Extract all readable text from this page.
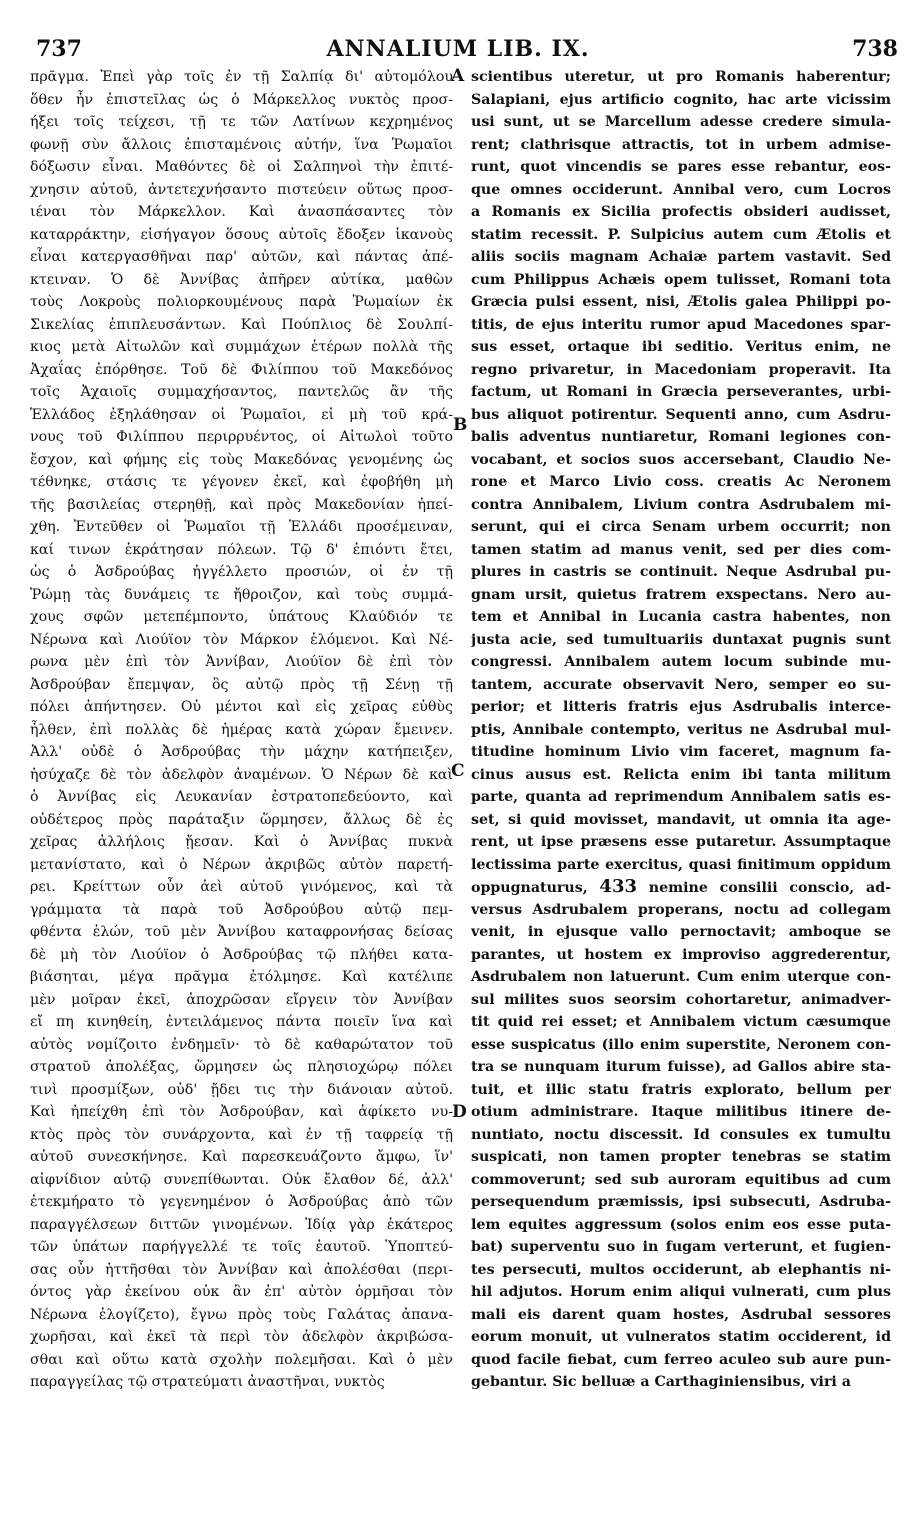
737	ANNALIUM LIB. IX.	738
πρᾶγμα. Ἐπεὶ γὰρ τοῖς ἐν τῇ Σαλπίᾳ δι' αὐτομόλου
ὅθεν ἦν ἐπιστεῖλας ὡς ὁ Μάρκελλος νυκτὸς προσ-
ήξει τοῖς τείχεσι, τῇ τε τῶν Λατίνων κεχρημένος
φωνῇ σὺν ἄλλοις ἐπισταμένοις αὐτήν, ἵνα Ῥωμαῖοι
δόξωσιν εἶναι. Μαθόντες δὲ οἱ Σαλπηνοὶ τὴν ἐπιτέ-
χνησιν αὐτοῦ, ἀντετεχνήσαντο πιστεύειν οὕτως προσ-
ιέναι τὸν Μάρκελλον. Καὶ ἀνασπάσαντες τὸν
καταρράκτην, εἰσήγαγον ὅσους αὐτοῖς ἔδοξεν ἱκανοὺς
εἶναι κατεργασθῆναι παρ' αὐτῶν, καὶ πάντας ἀπέ-
κτειναν. Ὁ δὲ Ἀννίβας ἀπῆρεν αὐτίκα, μαθὼν
τοὺς Λοκροὺς πολιορκουμένους παρὰ Ῥωμαίων ἐκ
Σικελίας ἐπιπλευσάντων. Καὶ Πούπλιος δὲ Σουλπί-
κιος μετὰ Αἰτωλῶν καὶ συμμάχων ἑτέρων πολλὰ τῆς
Ἀχαΐας ἐπόρθησε. Τοῦ δὲ Φιλίππου τοῦ Μακεδόνος
τοῖς Ἀχαιοῖς συμμαχήσαντος, παντελῶς ἂν τῆς
Ἑλλάδος ἐξηλάθησαν οἱ Ῥωμαῖοι, εἰ μὴ τοῦ κρά-
νους τοῦ Φιλίππου περιρρυέντος, οἱ Αἰτωλοὶ τοῦτο
ἔσχον, καὶ φήμης εἰς τοὺς Μακεδόνας γενομένης ὡς
τέθνηκε, στάσις τε γέγονεν ἐκεῖ, καὶ ἐφοβήθη μὴ
τῆς βασιλείας στερηθῇ, καὶ πρὸς Μακεδονίαν ἠπεί-
χθη. Ἐντεῦθεν οἱ Ῥωμαῖοι τῇ Ἑλλάδι προσέμειναν,
καί τινων ἐκράτησαν πόλεων. Τῷ δ' ἐπιόντι ἔτει,
ὡς ὁ Ἀσδρούβας ἠγγέλλετο προσιών, οἱ ἐν τῇ
Ῥώμῃ τὰς δυνάμεις τε ἤθροιζον, καὶ τοὺς συμμά-
χους σφῶν μετεπέμποντο, ὑπάτους Κλαύδιόν τε
Νέρωνα καὶ Λιούϊον τὸν Μάρκον ἑλόμενοι. Καὶ Νέ-
ρωνα μὲν ἐπὶ τὸν Ἀννίβαν, Λιούϊον δὲ ἐπὶ τὸν
Ἀσδρούβαν ἔπεμψαν, ὃς αὐτῷ πρὸς τῇ Σένῃ τῇ
πόλει ἀπήντησεν. Οὐ μέντοι καὶ εἰς χεῖρας εὐθὺς
ἦλθεν, ἐπὶ πολλὰς δὲ ἡμέρας κατὰ χώραν ἔμεινεν.
Ἀλλ' οὐδὲ ὁ Ἀσδρούβας τὴν μάχην κατήπειξεν,
ἡσύχαζε δὲ τὸν ἀδελφὸν ἀναμένων. Ὁ Νέρων δὲ καὶ
ὁ Ἀννίβας εἰς Λευκανίαν ἐστρατοπεδεύοντο, καὶ
οὐδέτερος πρὸς παράταξιν ὥρμησεν, ἄλλως δὲ ἐς
χεῖρας ἀλλήλοις ᾔεσαν. Καὶ ὁ Ἀννίβας πυκνὰ
μετανίστατο, καὶ ὁ Νέρων ἀκριβῶς αὐτὸν παρετή-
ρει. Κρείττων οὖν ἀεὶ αὐτοῦ γινόμενος, καὶ τὰ
γράμματα τὰ παρὰ τοῦ Ἀσδρούβου αὐτῷ πεμ-
φθέντα ἑλών, τοῦ μὲν Ἀννίβου καταφρονήσας δείσας
δὲ μὴ τὸν Λιούϊον ὁ Ἀσδρούβας τῷ πλήθει κατα-
βιάσηται, μέγα πρᾶγμα ἐτόλμησε. Καὶ κατέλιπε
μὲν μοῖραν ἐκεῖ, ἀποχρῶσαν εἴργειν τὸν Ἀννίβαν
εἴ πη κινηθείη, ἐντειλάμενος πάντα ποιεῖν ἵνα καὶ
αὐτὸς νομίζοιτο ἐνδημεῖν· τὸ δὲ καθαρώτατον τοῦ
στρατοῦ ἀπολέξας, ὥρμησεν ὡς πλησιοχώρῳ πόλει
τινὶ προσμίξων, οὐδ' ᾔδει τις τὴν διάνοιαν αὐτοῦ.
Καὶ ἠπείχθη ἐπὶ τὸν Ἀσδρούβαν, καὶ ἀφίκετο νυ-
κτὸς πρὸς τὸν συνάρχοντα, καὶ ἐν τῇ ταφρείᾳ τῇ
αὐτοῦ συνεσκήνησε. Καὶ παρεσκευάζοντο ἄμφω, ἵν'
αἰφνίδιον αὐτῷ συνεπίθωνται. Οὐκ ἔλαθον δέ, ἀλλ'
ἐτεκμήρατο τὸ γεγενημένον ὁ Ἀσδρούβας ἀπὸ τῶν
παραγγέλσεων διττῶν γινομένων. Ἰδίᾳ γὰρ ἑκάτερος
τῶν ὑπάτων παρήγγελλέ τε τοῖς ἑαυτοῦ. Ὑποπτεύ-
σας οὖν ἡττῆσθαι τὸν Ἀννίβαν καὶ ἀπολέσθαι (περι-
όντος γὰρ ἐκείνου οὐκ ἂν ἐπ' αὐτὸν ὁρμῆσαι τὸν
Νέρωνα ἐλογίζετο), ἔγνω πρὸς τοὺς Γαλάτας ἀπανα-
χωρῆσαι, καὶ ἐκεῖ τὰ περὶ τὸν ἀδελφὸν ἀκριβώσα-
σθαι καὶ οὕτω κατὰ σχολὴν πολεμῆσαι. Καὶ ὁ μὲν
παραγγείλας τῷ στρατεύματι ἀναστῆναι, νυκτὸς
scientibus uteretur, ut pro Romanis haberentur;
Salapiani, ejus artificio cognito, hac arte vicissim
usi sunt, ut se Marcellum adesse credere simula-
rent; clathrisque attractis, tot in urbem admise-
runt, quot vincendis se pares esse rebantur, eos-
que omnes occiderunt. Annibal vero, cum Locros
a Romanis ex Sicilia profectis obsideri audisset,
statim recessit. P. Sulpicius autem cum Ætolis et
aliis sociis magnam Achaiæ partem vastavit. Sed
cum Philippus Achæis opem tulisset, Romani tota
Græcia pulsi essent, nisi, Ætolis galea Philippi po-
titis, de ejus interitu rumor apud Macedones spar-
sus esset, ortaque ibi seditio. Veritus enim, ne
regno privaretur, in Macedoniam properavit. Ita
factum, ut Romani in Græcia perseverantes, urbi-
bus aliquot potirentur. Sequenti anno, cum Asdru-
balis adventus nuntiaretur, Romani legiones con-
vocabant, et socios suos accersebant, Claudio Ne-
rone et Marco Livio coss. creatis Ac Neronem
contra Annibalem, Livium contra Asdrubalem mi-
serunt, qui ei circa Senam urbem occurrit; non
tamen statim ad manus venit, sed per dies com-
plures in castris se continuit. Neque Asdrubal pu-
gnam ursit, quietus fratrem exspectans. Nero au-
tem et Annibal in Lucania castra habentes, non
justa acie, sed tumultuariis duntaxat pugnis sunt
congressi. Annibalem autem locum subinde mu-
tantem, accurate observavit Nero, semper eo su-
perior; et litteris fratris ejus Asdrubalis interce-
ptis, Annibale contempto, veritus ne Asdrubal mul-
titudine hominum Livio vim faceret, magnum fa-
cinus ausus est. Relicta enim ibi tanta militum
parte, quanta ad reprimendum Annibalem satis es-
set, si quid movisset, mandavit, ut omnia ita age-
rent, ut ipse præsens esse putaretur. Assumptaque
lectissima parte exercitus, quasi finitimum oppidum
oppugnaturus, 433 nemine consilii conscio, ad-
versus Asdrubalem properans, noctu ad collegam
venit, in ejusque vallo pernoctavit; amboque se
parantes, ut hostem ex improviso aggrederentur,
Asdrubalem non latuerunt. Cum enim uterque con-
sul milites suos seorsim cohortaretur, animadver-
tit quid rei esset; et Annibalem victum cæsumque
esse suspicatus (illo enim superstite, Neronem con-
tra se nunquam iturum fuisse), ad Gallos abire sta-
tuit, et illic statu fratris explorato, bellum per
otium administrare. Itaque militibus itinere de-
nuntiato, noctu discessit. Id consules ex tumultu
suspicati, non tamen propter tenebras se statim
commoverunt; sed sub auroram equitibus ad cum
persequendum præmissis, ipsi subsecuti, Asdruba-
lem equites aggressum (solos enim eos esse puta-
bat) superventu suo in fugam verterunt, et fugien-
tes persecuti, multos occiderunt, ab elephantis ni-
hil adjutos. Horum enim aliqui vulnerati, cum plus
mali eis darent quam hostes, Asdrubal sessores
eorum monuit, ut vulneratos statim occiderent, id
quod facile fiebat, cum ferreo aculeo sub aure pun-
gebantur. Sic belluæ a Carthaginiensibus, viri a
A
B
C
D
